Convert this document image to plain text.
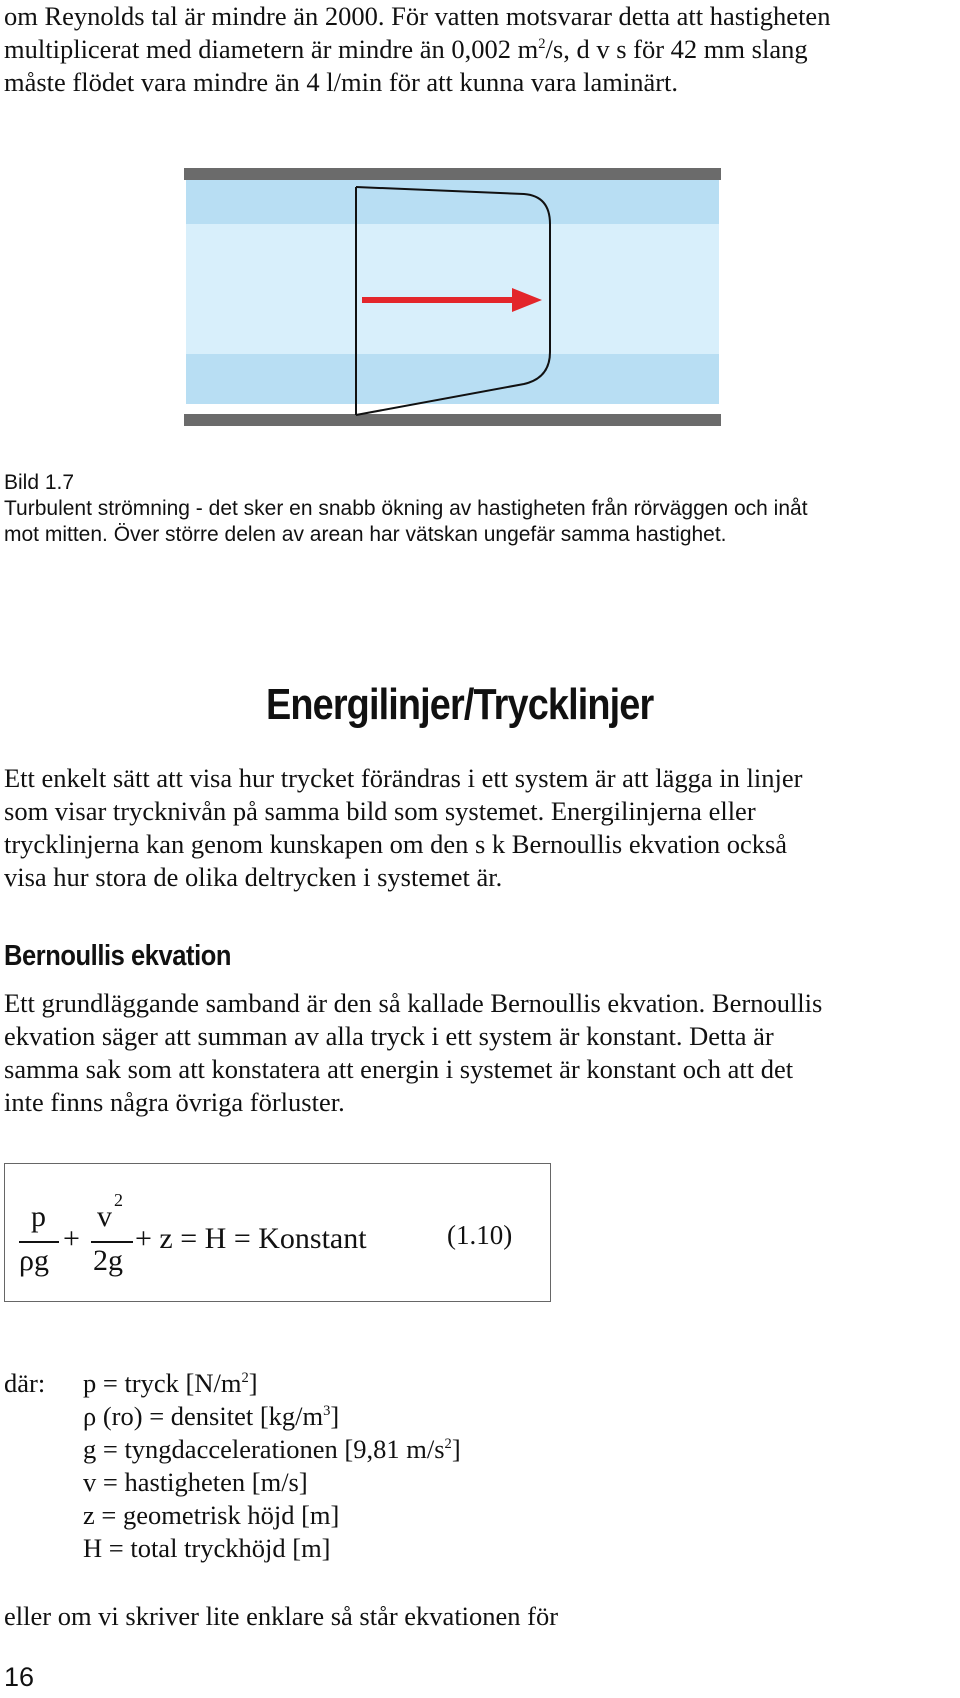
om Reynolds tal är mindre än 2000. För vatten motsvarar detta att hastigheten

multiplicerat med diametern är mindre än 0,002 $m^2/s$, d v s för 42 mm slang

måste flödet vara mindre än 4 l/min för att kunna vara laminärt.

Bild 1.7

Turbulent strömning - det sker en snabb ökning av hastigheten från rörväggen och inåt

mot mitten. Över större delen av arean har vätskan ungefär samma hastighet.

Energilinjer/Trycklinjer

Ett enkelt sätt att visa hur trycket förändras i ett system är att lägga in linjer

som visar trycknivån på samma bild som systemet. Energilinjerna eller

trycklinjerna kan genom kunskapen om den s k Bernoullis ekvation också

visa hur stora de olika deltrycken i systemet är.

Bernoullis ekvation

Ett grundläggande samband är den så kallade Bernoullis ekvation. Bernoullis

ekvation säger att summan av alla tryck i ett system är konstant. Detta är

samma sak som att konstatera att energin i systemet är konstant och att det

inte finns några övriga förluster.

p
ρg
+
v 2
2g
+ z = H = Konstant	(1.10)
där: p = tryck $[N/m^2]$
ρ (ro) = densitet $[kg/m^3]$
g = tyngdaccelerationen [9,81 $m/s^2$]
v = hastigheten [m/s]
z = geometrisk höjd [m]
H = total tryckhöjd [m]

eller om vi skriver lite enklare så står ekvationen för

16
